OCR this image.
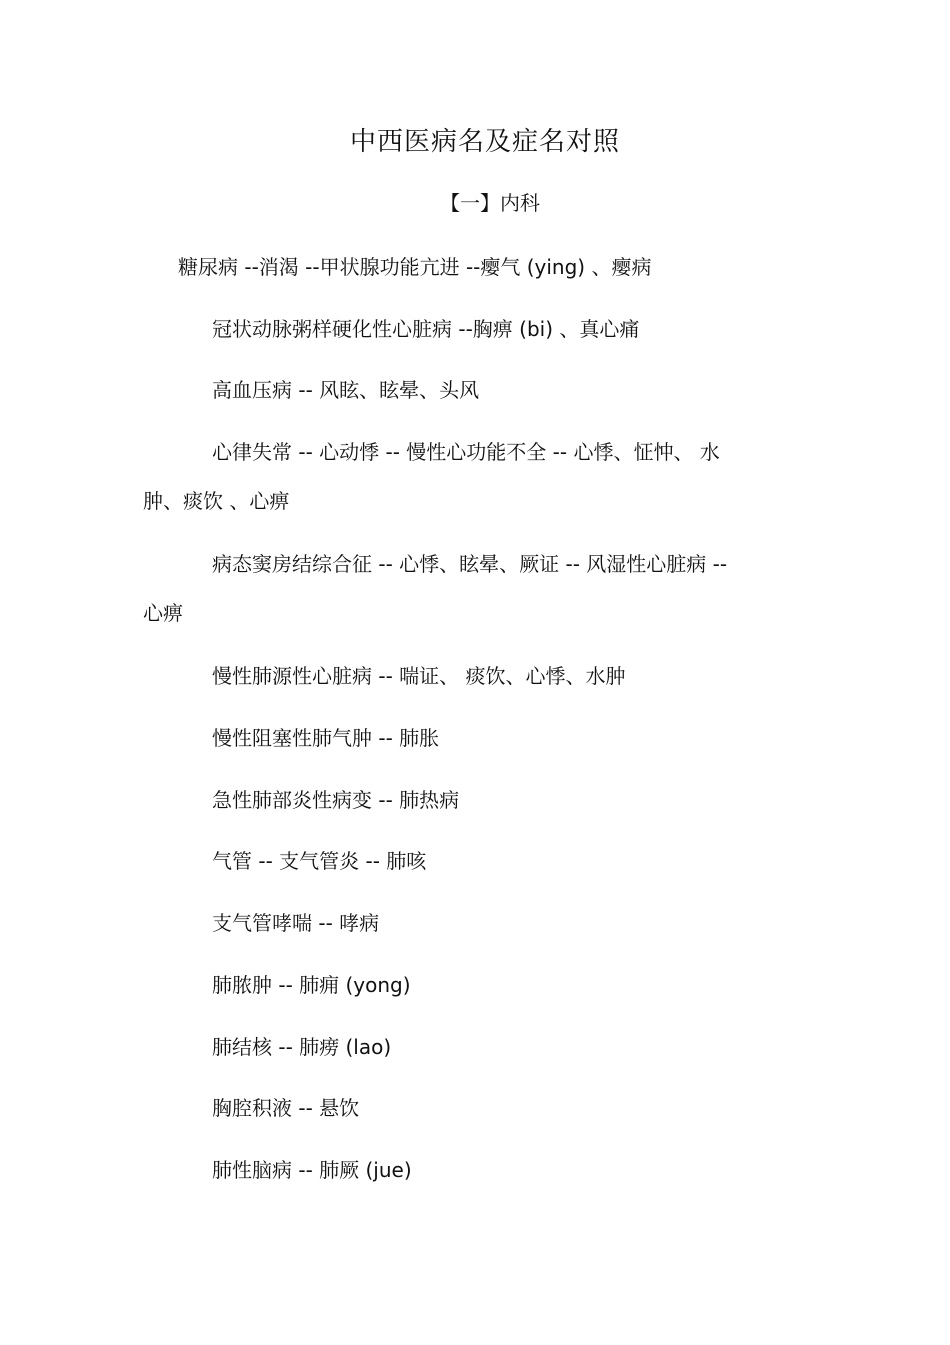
中西医病名及症名对照
【一】内科
糖尿病 --消渴 --甲状腺功能亢进 --瘿气 (ying) 、瘿病
冠状动脉粥样硬化性心脏病 --胸痹 (bi) 、真心痛
高血压病 -- 风眩、眩晕、头风
心律失常 -- 心动悸 -- 慢性心功能不全 -- 心悸、怔忡、 水
肿、痰饮 、心痹
病态窦房结综合征 -- 心悸、眩晕、厥证 -- 风湿性心脏病 --
心痹
慢性肺源性心脏病 -- 喘证、 痰饮、心悸、水肿
慢性阻塞性肺气肿 -- 肺胀
急性肺部炎性病变 -- 肺热病
气管 -- 支气管炎 -- 肺咳
支气管哮喘 -- 哮病
肺脓肿 -- 肺痈 (yong)
肺结核 -- 肺痨 (lao)
胸腔积液 -- 悬饮
肺性脑病 -- 肺厥 (jue)
